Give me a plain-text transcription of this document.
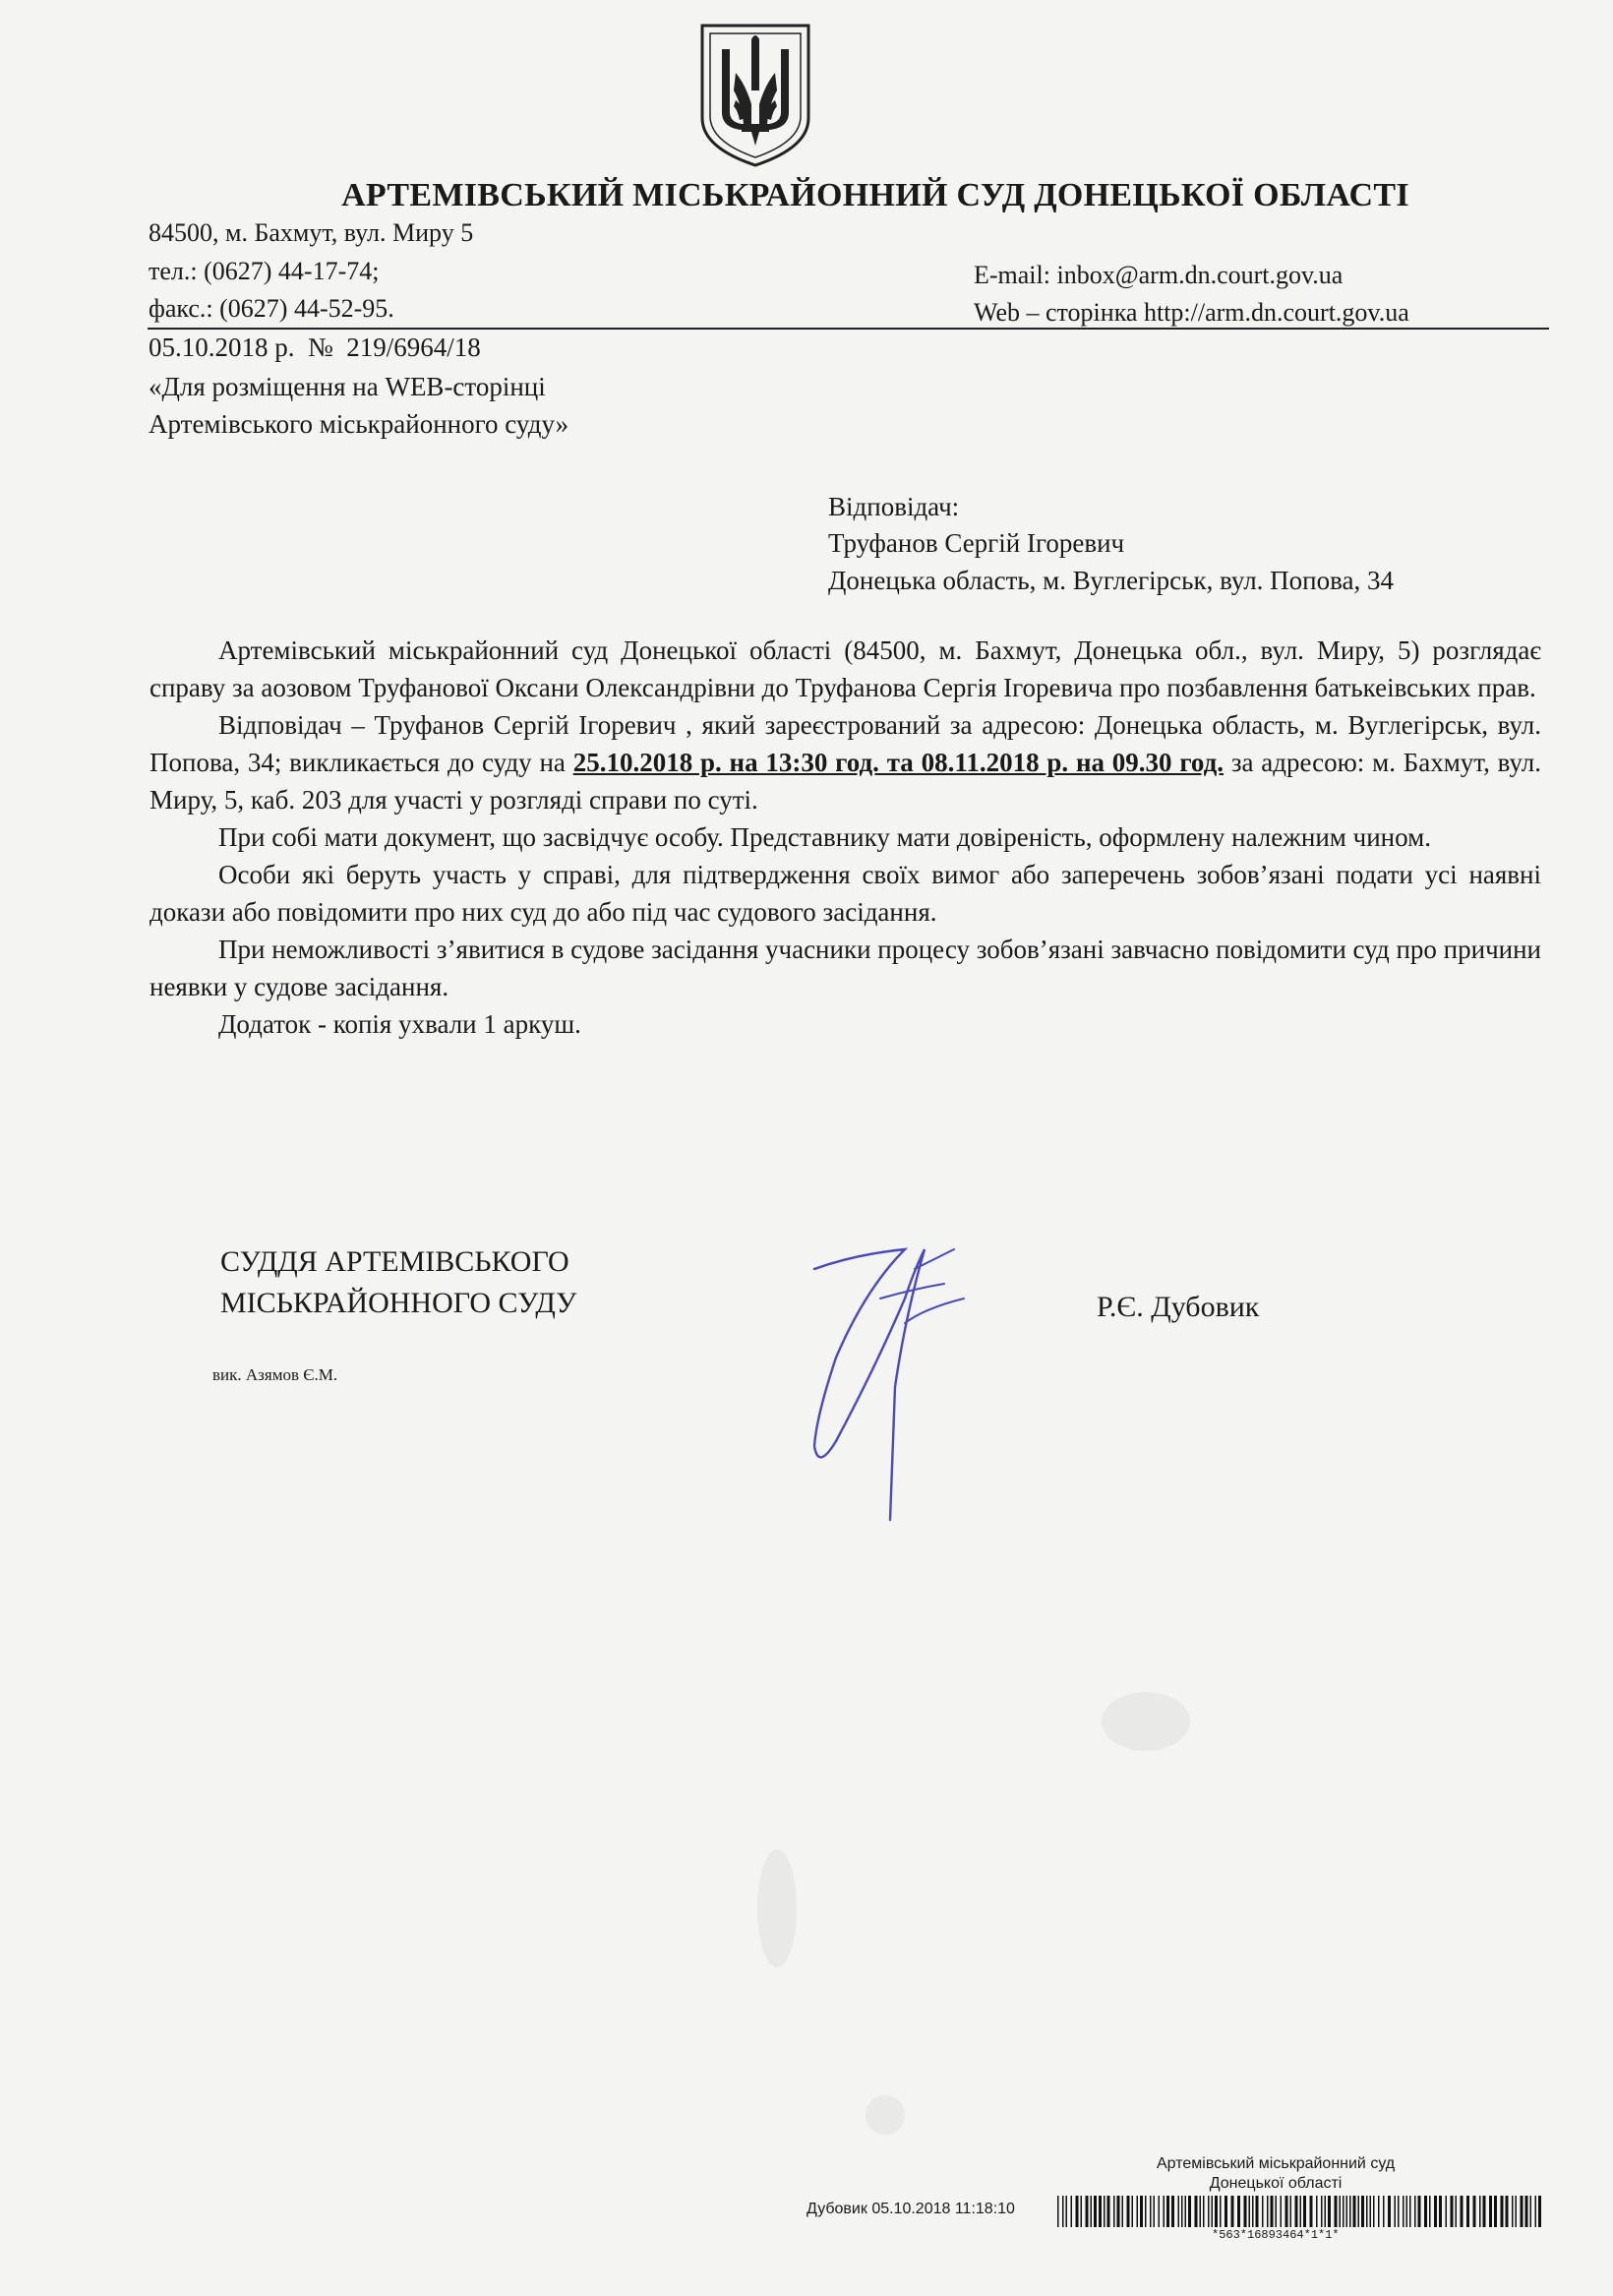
АРТЕМІВСЬКИЙ МІСЬКРАЙОННИЙ СУД ДОНЕЦЬКОЇ ОБЛАСТІ
84500, м. Бахмут, вул. Миру 5
тел.: (0627) 44-17-74;
факс.: (0627) 44-52-95.
E-mail: inbox@arm.dn.court.gov.ua
Web – сторінка http://arm.dn.court.gov.ua
05.10.2018 р. № 219/6964/18
«Для розміщення на WEB-сторінці
Артемівського міськрайонного суду»
Відповідач:
Труфанов Сергій Ігоревич
Донецька область, м. Вуглегірськ, вул. Попова, 34

Артемівський міськрайонний суд Донецької області (84500, м. Бахмут, Донецька обл., вул. Миру, 5) розглядає справу за аозовом Труфанової Оксани Олександрівни до Труфанова Сергія Ігоревича про позбавлення батькеівських прав.

Відповідач – Труфанов Сергій Ігоревич , який зареєстрований за адресою: Донецька область, м. Вуглегірськ, вул. Попова, 34; викликається до суду на 25.10.2018 р. на 13:30 год. та 08.11.2018 р. на 09.30 год. за адресою: м. Бахмут, вул. Миру, 5, каб. 203 для участі у розгляді справи по суті.

При собі мати документ, що засвідчує особу. Представнику мати довіреність, оформлену належним чином.

Особи які беруть участь у справі, для підтвердження своїх вимог або заперечень зобов’язані подати усі наявні докази або повідомити про них суд до або під час судового засідання.

При неможливості з’явитися в судове засідання учасники процесу зобов’язані завчасно повідомити суд про причини неявки у судове засідання.

Додаток - копія ухвали 1 аркуш.

СУДДЯ АРТЕМІВСЬКОГО
МІСЬКРАЙОННОГО СУДУ
вик. Азямов Є.М.
Р.Є. Дубовик
Артемівський міськрайонний суд
Донецької області
Дубовик 05.10.2018 11:18:10
*563*16893464*1*1*
